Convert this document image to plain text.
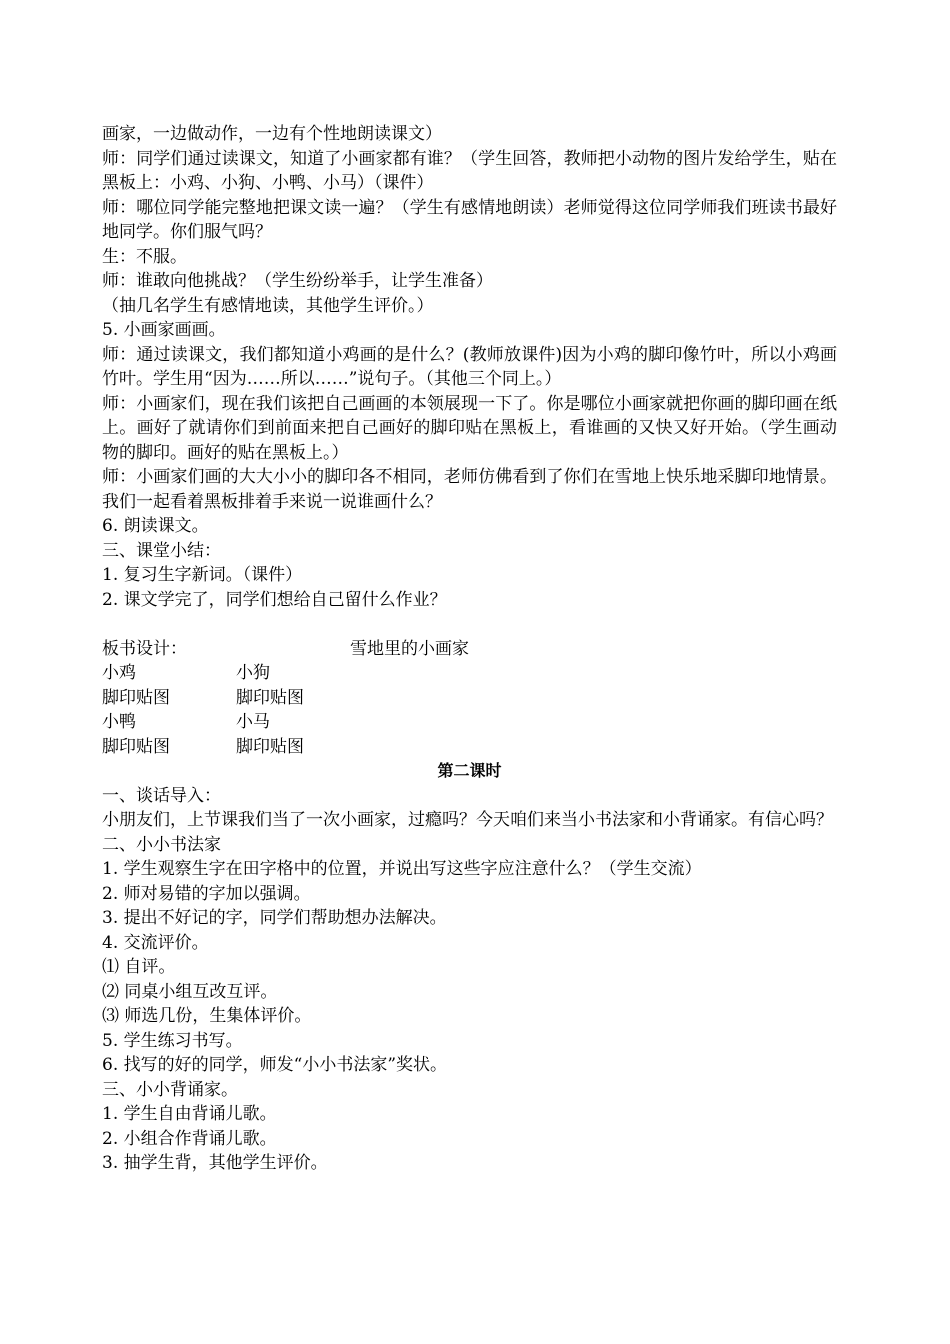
画家，一边做动作，一边有个性地朗读课文）
师：同学们通过读课文，知道了小画家都有谁？（学生回答，教师把小动物的图片发给学生，贴在黑板上：小鸡、小狗、小鸭、小马）（课件）
师：哪位同学能完整地把课文读一遍？（学生有感情地朗读）老师觉得这位同学师我们班读书最好地同学。你们服气吗？
生：不服。
师：谁敢向他挑战？（学生纷纷举手，让学生准备）
（抽几名学生有感情地读，其他学生评价。）
5. 小画家画画。
师：通过读课文，我们都知道小鸡画的是什么？(教师放课件)因为小鸡的脚印像竹叶，所以小鸡画竹叶。学生用“因为……所以……”说句子。（其他三个同上。）
师：小画家们，现在我们该把自己画画的本领展现一下了。你是哪位小画家就把你画的脚印画在纸上。画好了就请你们到前面来把自己画好的脚印贴在黑板上，看谁画的又快又好开始。（学生画动物的脚印。画好的贴在黑板上。）
师：小画家们画的大大小小的脚印各不相同，老师仿佛看到了你们在雪地上快乐地采脚印地情景。我们一起看着黑板排着手来说一说谁画什么？
6. 朗读课文。
三、课堂小结：
1. 复习生字新词。（课件）
2. 课文学完了，同学们想给自己留什么作业？
板书设计：	雪地里的小画家
小鸡	小狗
脚印贴图	脚印贴图
小鸭	小马
脚印贴图	脚印贴图
第二课时
一、谈话导入：
小朋友们，上节课我们当了一次小画家，过瘾吗？今天咱们来当小书法家和小背诵家。有信心吗？
二、小小书法家
1. 学生观察生字在田字格中的位置，并说出写这些字应注意什么？（学生交流）
2. 师对易错的字加以强调。
3. 提出不好记的字，同学们帮助想办法解决。
4. 交流评价。
⑴ 自评。
⑵ 同桌小组互改互评。
⑶ 师选几份，生集体评价。
5. 学生练习书写。
6. 找写的好的同学，师发“小小书法家”奖状。
三、小小背诵家。
1. 学生自由背诵儿歌。
2. 小组合作背诵儿歌。
3. 抽学生背，其他学生评价。
